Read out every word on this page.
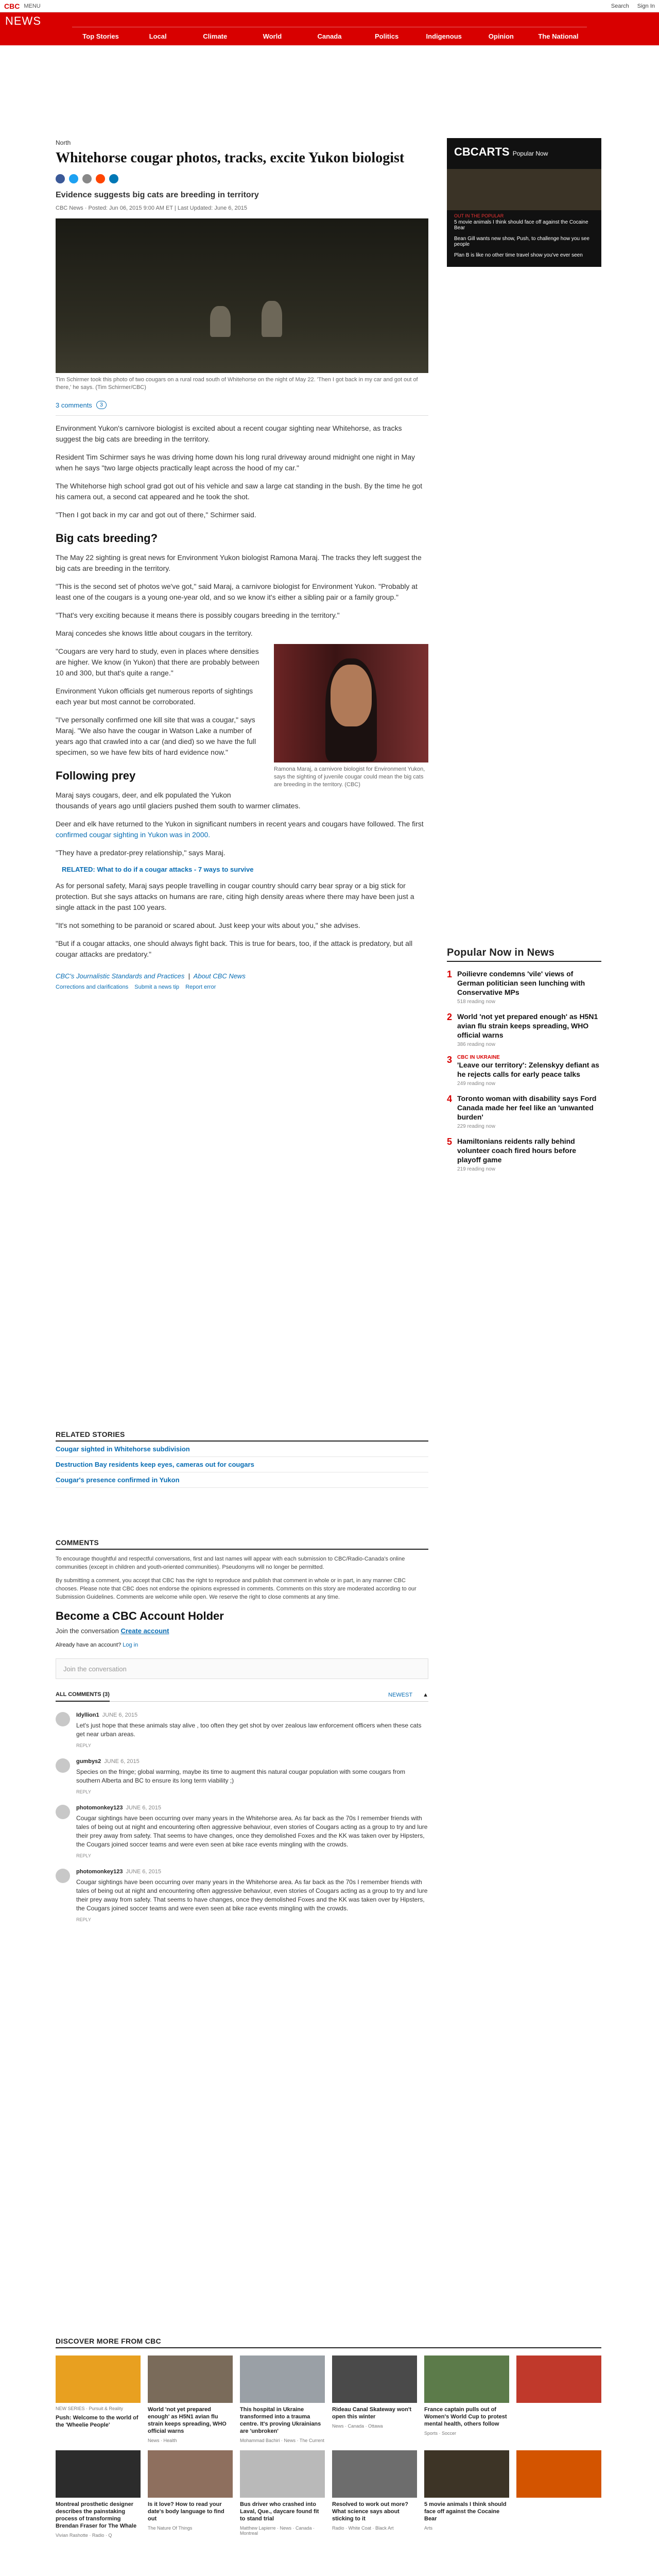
CBC MENU	Search Sign In
NEWS
Top Stories	Local	Climate	World	Canada	Politics	Indigenous	Opinion	The National
North
Whitehorse cougar photos, tracks, excite Yukon biologist
Evidence suggests big cats are breeding in territory
CBC News · Posted: Jun 06, 2015 9:00 AM ET | Last Updated: June 6, 2015
Tim Schirmer took this photo of two cougars on a rural road south of Whitehorse on the night of May 22. 'Then I got back in my car and got out of there,' he says. (Tim Schirmer/CBC)
3 comments	3

Environment Yukon's carnivore biologist is excited about a recent cougar sighting near Whitehorse, as tracks suggest the big cats are breeding in the territory.

Resident Tim Schirmer says he was driving home down his long rural driveway around midnight one night in May when he says "two large objects practically leapt across the hood of my car."

The Whitehorse high school grad got out of his vehicle and saw a large cat standing in the bush. By the time he got his camera out, a second cat appeared and he took the shot.

"Then I got back in my car and got out of there," Schirmer said.

Big cats breeding?

The May 22 sighting is great news for Environment Yukon biologist Ramona Maraj. The tracks they left suggest the big cats are breeding in the territory.

"This is the second set of photos we've got," said Maraj, a carnivore biologist for Environment Yukon. "Probably at least one of the cougars is a young one-year old, and so we know it's either a sibling pair or a family group."

"That's very exciting because it means there is possibly cougars breeding in the territory."

Maraj concedes she knows little about cougars in the territory.

Ramona Maraj, a carnivore biologist for Environment Yukon, says the sighting of juvenile cougar could mean the big cats are breeding in the territory. (CBC)

"Cougars are very hard to study, even in places where densities are higher. We know (in Yukon) that there are probably between 10 and 300, but that's quite a range."

Environment Yukon officials get numerous reports of sightings each year but most cannot be corroborated.

"I've personally confirmed one kill site that was a cougar," says Maraj. "We also have the cougar in Watson Lake a number of years ago that crawled into a car (and died) so we have the full specimen, so we have few bits of hard evidence now."

Following prey

Maraj says cougars, deer, and elk populated the Yukon thousands of years ago until glaciers pushed them south to warmer climates.

Deer and elk have returned to the Yukon in significant numbers in recent years and cougars have followed. The first confirmed cougar sighting in Yukon was in 2000.

"They have a predator-prey relationship," says Maraj.

RELATED: What to do if a cougar attacks - 7 ways to survive

As for personal safety, Maraj says people travelling in cougar country should carry bear spray or a big stick for protection. But she says attacks on humans are rare, citing high density areas where there may have been just a single attack in the past 100 years.

"It's not something to be paranoid or scared about. Just keep your wits about you," she advises.

"But if a cougar attacks, one should always fight back. This is true for bears, too, if the attack is predatory, but all cougar attacks are predatory."

CBC's Journalistic Standards and Practices  |  About CBC News
Corrections and clarifications Submit a news tip Report error
RELATED STORIES
Cougar sighted in Whitehorse subdivision
Destruction Bay residents keep eyes, cameras out for cougars
Cougar's presence confirmed in Yukon
COMMENTS

To encourage thoughtful and respectful conversations, first and last names will appear with each submission to CBC/Radio-Canada's online communities (except in children and youth-oriented communities). Pseudonyms will no longer be permitted.

By submitting a comment, you accept that CBC has the right to reproduce and publish that comment in whole or in part, in any manner CBC chooses. Please note that CBC does not endorse the opinions expressed in comments. Comments on this story are moderated according to our Submission Guidelines. Comments are welcome while open. We reserve the right to close comments at any time.

Become a CBC Account Holder
Join the conversation Create account
Already have an account? Log in
Join the conversation
ALL COMMENTS (3)	NEWEST ▲
Idyllion1 JUNE 6, 2015
Let's just hope that these animals stay alive , too often they get shot by over zealous law enforcement officers when these cats get near urban areas.
REPLY
gumbys2 JUNE 6, 2015
Species on the fringe; global warming, maybe its time to augment this natural cougar population with some cougars from southern Alberta and BC to ensure its long term viability ;)
REPLY
photomonkey123 JUNE 6, 2015
Cougar sightings have been occurring over many years in the Whitehorse area. As far back as the 70s I remember friends with tales of being out at night and encountering often aggressive behaviour, even stories of Cougars acting as a group to try and lure their prey away from safety. That seems to have changes, once they demolished Foxes and the KK was taken over by Hipsters, the Cougars joined soccer teams and were even seen at bike race events mingling with the crowds.
REPLY
photomonkey123 JUNE 6, 2015
Cougar sightings have been occurring over many years in the Whitehorse area. As far back as the 70s I remember friends with tales of being out at night and encountering often aggressive behaviour, even stories of Cougars acting as a group to try and lure their prey away from safety. That seems to have changes, once they demolished Foxes and the KK was taken over by Hipsters, the Cougars joined soccer teams and were even seen at bike race events mingling with the crowds.
REPLY
CBCARTS Popular Now
OUT IN THE POPULAR
5 movie animals I think should face off against the Cocaine Bear
Bean Gill wants new show, Push, to challenge how you see people
Plan B is like no other time travel show you've ever seen
Popular Now in News
1 Poilievre condemns 'vile' views of German politician seen lunching with Conservative MPs
518 reading now
2 World 'not yet prepared enough' as H5N1 avian flu strain keeps spreading, WHO official warns
386 reading now
3 CBC IN UKRAINE
'Leave our territory': Zelenskyy defiant as he rejects calls for early peace talks
249 reading now
4 Toronto woman with disability says Ford Canada made her feel like an 'unwanted burden'
229 reading now
5 Hamiltonians reidents rally behind volunteer coach fired hours before playoff game
219 reading now
DISCOVER MORE FROM CBC
NEW SERIES · Pursuit & Reality
Push: Welcome to the world of the 'Wheelie People'
World 'not yet prepared enough' as H5N1 avian flu strain keeps spreading, WHO official warns
News · Health
This hospital in Ukraine transformed into a trauma centre. It's proving Ukrainians are 'unbroken'
Mohammad Bachiri · News · The Current
Rideau Canal Skateway won't open this winter
News · Canada · Ottawa
France captain pulls out of Women's World Cup to protest mental health, others follow
Sports · Soccer
Montreal prosthetic designer describes the painstaking process of transforming Brendan Fraser for The Whale
Vivian Rashotte · Radio · Q
Is it love? How to read your date's body language to find out
The Nature Of Things
Bus driver who crashed into Laval, Que., daycare found fit to stand trial
Matthew Lapierre · News · Canada · Montreal
Resolved to work out more? What science says about sticking to it
Radio · White Coat · Black Art
5 movie animals I think should face off against the Cocaine Bear
Arts
